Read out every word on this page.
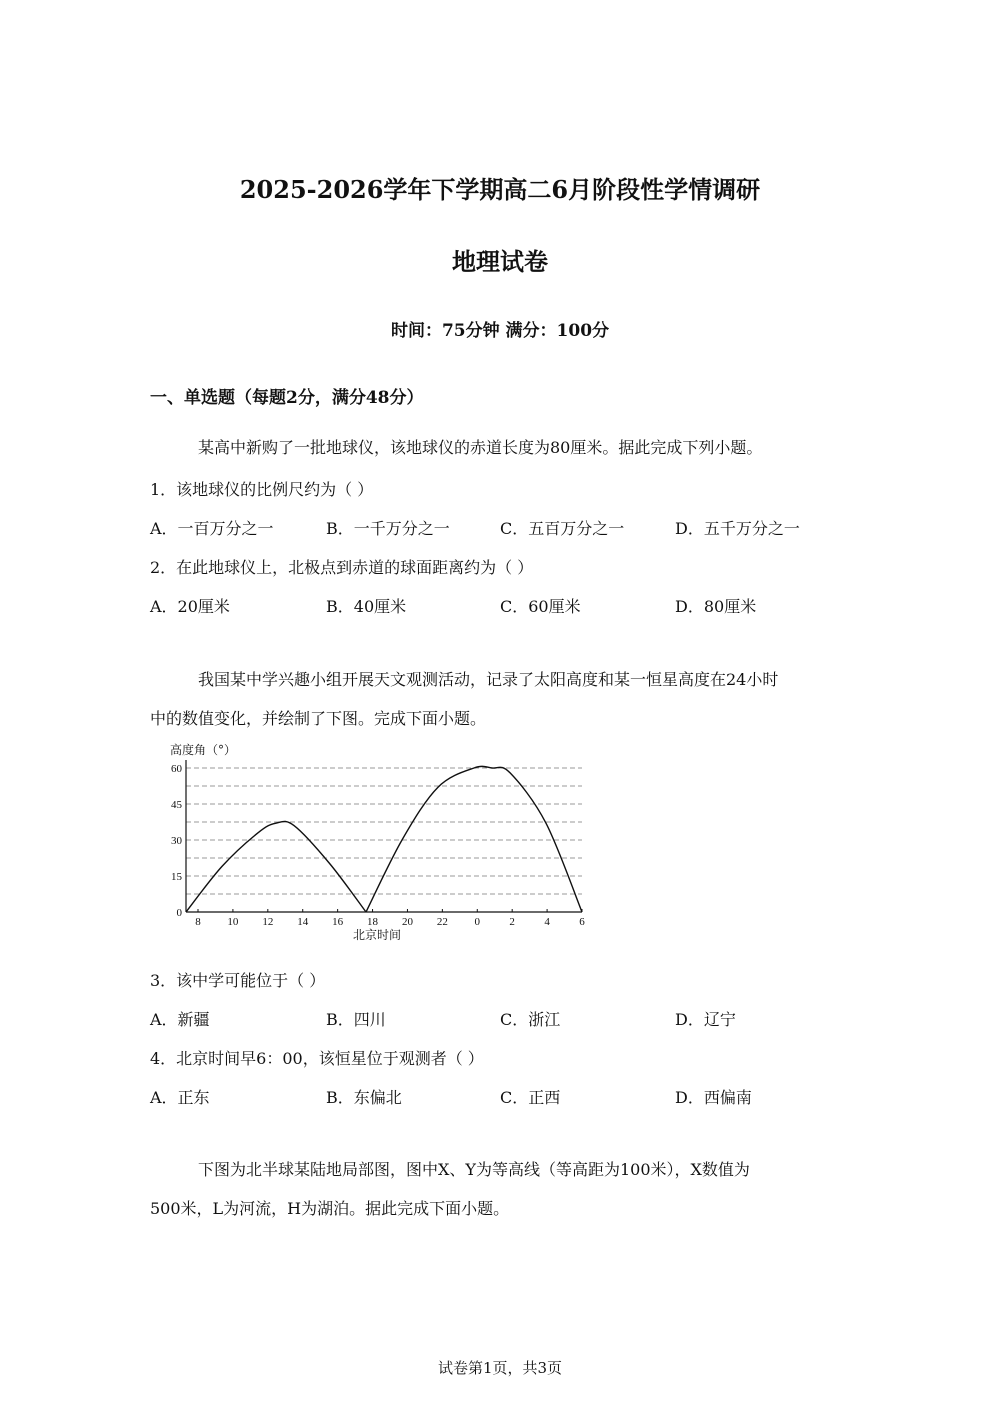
2025-2026学年下学期高二6月阶段性学情调研
地理试卷
时间：75分钟 满分：100分
一、单选题（每题2分，满分48分）
某高中新购了一批地球仪，该地球仪的赤道长度为80厘米。据此完成下列小题。
1．该地球仪的比例尺约为（ ）
A．一百万分之一	B．一千万分之一	C．五百万分之一	D．五千万分之一
2．在此地球仪上，北极点到赤道的球面距离约为（ ）
A．20厘米	B．40厘米	C．60厘米	D．80厘米
我国某中学兴趣小组开展天文观测活动，记录了太阳高度和某一恒星高度在24小时
中的数值变化，并绘制了下图。完成下面小题。
0
15
30
45
60
8 10 12 14 16 18 20 22 0	2	4	6
高度角（°）
北京时间
3．该中学可能位于（ ）
A．新疆	B．四川	C．浙江	D．辽宁
4．北京时间早6：00，该恒星位于观测者（ ）
A．正东	B．东偏北	C．正西	D．西偏南
下图为北半球某陆地局部图，图中X、Y为等高线（等高距为100米），X数值为
500米，L为河流，H为湖泊。据此完成下面小题。
试卷第1页，共3页
